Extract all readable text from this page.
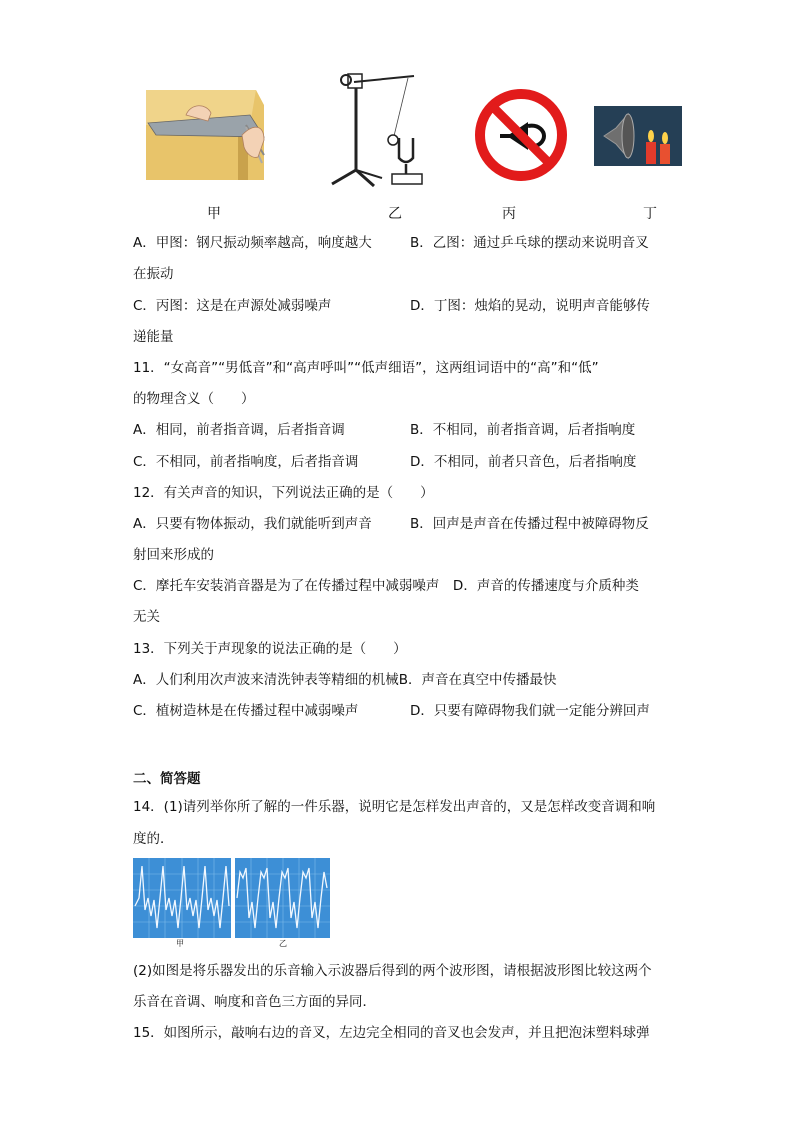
甲	乙	丙	丁
A．甲图：钢尺振动频率越高，响度越大	B．乙图：通过乒乓球的摆动来说明音叉
在振动
C．丙图：这是在声源处减弱噪声	D．丁图：烛焰的晃动，说明声音能够传
递能量
11．“女高音”“男低音”和“高声呼叫”“低声细语”，这两组词语中的“高”和“低”
的物理含义（　　）
A．相同，前者指音调，后者指音调	B．不相同，前者指音调，后者指响度
C．不相同，前者指响度，后者指音调	D．不相同，前者只音色，后者指响度
12．有关声音的知识，下列说法正确的是（　　）
A．只要有物体振动，我们就能听到声音	B．回声是声音在传播过程中被障碍物反
射回来形成的
C．摩托车安装消音器是为了在传播过程中减弱噪声　D．声音的传播速度与介质种类
无关
13．下列关于声现象的说法正确的是（　　）
A．人们利用次声波来清洗钟表等精细的机械B．声音在真空中传播最快
C．植树造林是在传播过程中减弱噪声	D．只要有障碍物我们就一定能分辨回声
二、简答题
14．(1)请列举你所了解的一件乐器，说明它是怎样发出声音的，又是怎样改变音调和响
度的．
甲	乙
(2)如图是将乐器发出的乐音输入示波器后得到的两个波形图，请根据波形图比较这两个
乐音在音调、响度和音色三方面的异同．
15．如图所示，敲响右边的音叉，左边完全相同的音叉也会发声，并且把泡沫塑料球弹
